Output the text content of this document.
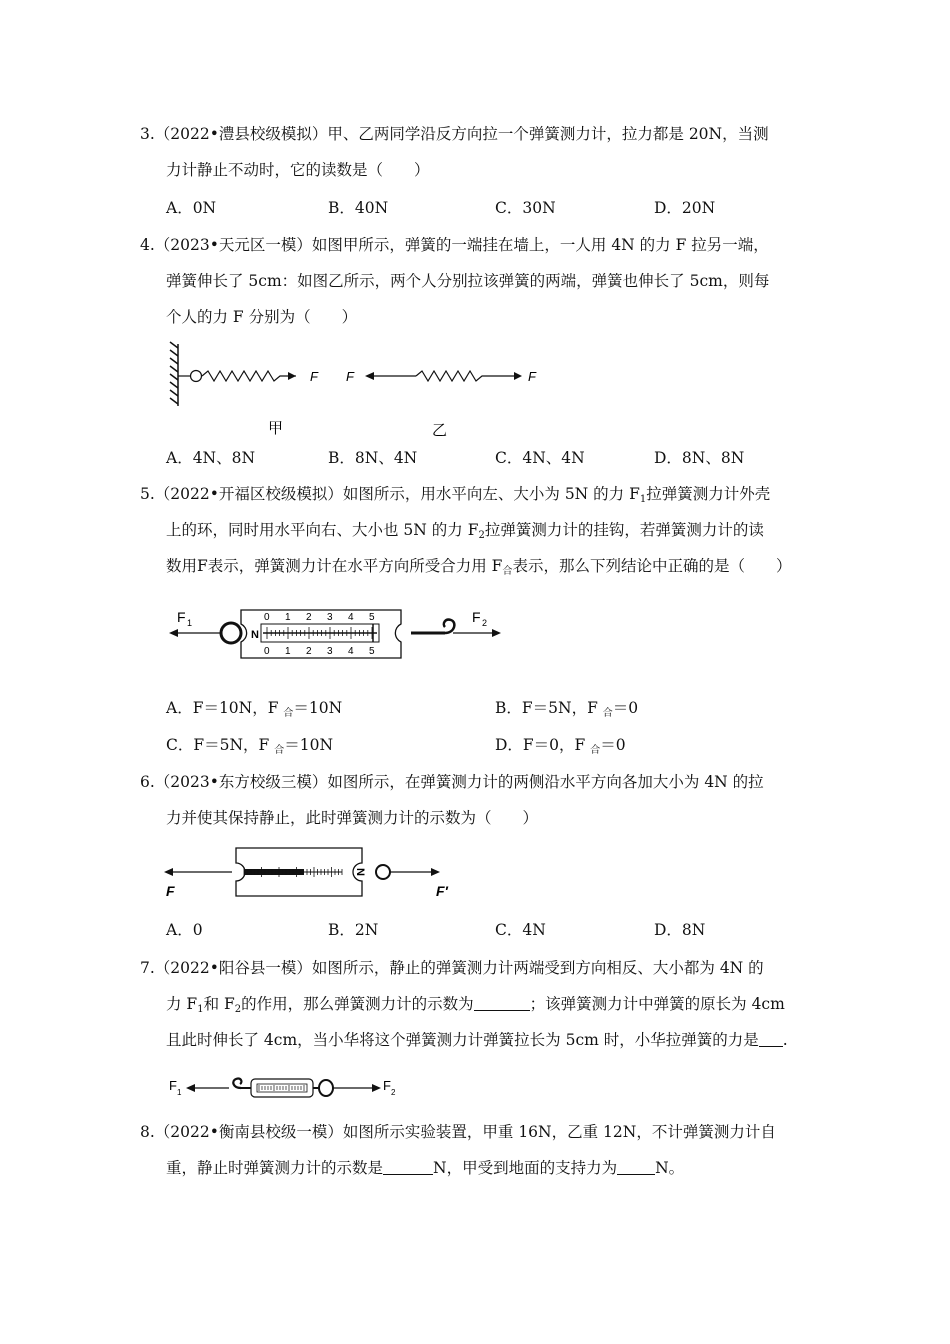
3.（2022•澧县校级模拟）甲、乙两同学沿反方向拉一个弹簧测力计，拉力都是 20N，当测
力计静止不动时，它的读数是（　　）
A．0N	B．40N	C．30N	D．20N
4.（2023•天元区一模）如图甲所示，弹簧的一端挂在墙上，一人用 4N 的力 F 拉另一端，
弹簧伸长了 5cm：如图乙所示，两个人分别拉该弹簧的两端，弹簧也伸长了 5cm，则每
个人的力 F 分别为（　　）
F F	F
甲	乙
A．4N、8N	B．8N、4N	C．4N、4N	D．8N、8N
5.（2022•开福区校级模拟）如图所示，用水平向左、大小为 5N 的力 $F_1$拉弹簧测力计外壳
上的环，同时用水平向右、大小也 5N 的力 $F_2$拉弹簧测力计的挂钩，若弹簧测力计的读
数用F表示，弹簧测力计在水平方向所受合力用 $F_合$表示，那么下列结论中正确的是（　　）
F 1
N
0 1 2 3 4 5
0 1 2 3 4 5
F 2
A．F＝10N，F $_合$＝10N	B．F＝5N，F $_合$＝0
C．F＝5N，F $_合$＝10N	D．F＝0，F $_合$＝0
6.（2023•东方校级三模）如图所示，在弹簧测力计的两侧沿水平方向各加大小为 4N 的拉
力并使其保持静止，此时弹簧测力计的示数为（　　）
N
F	F′
A．0	B．2N	C．4N	D．8N
7.（2022•阳谷县一模）如图所示，静止的弹簧测力计两端受到方向相反、大小都为 4N 的
力 $F_1$和 $F_2$的作用，那么弹簧测力计的示数为	；该弹簧测力计中弹簧的原长为 4cm
且此时伸长了 4cm，当小华将这个弹簧测力计弹簧拉长为 5cm 时，小华拉弹簧的力是 .
F 1	F 2
8.（2022•衡南县校级一模）如图所示实验装置，甲重 16N，乙重 12N，不计弹簧测力计自
重，静止时弹簧测力计的示数是	N，甲受到地面的支持力为 N。
